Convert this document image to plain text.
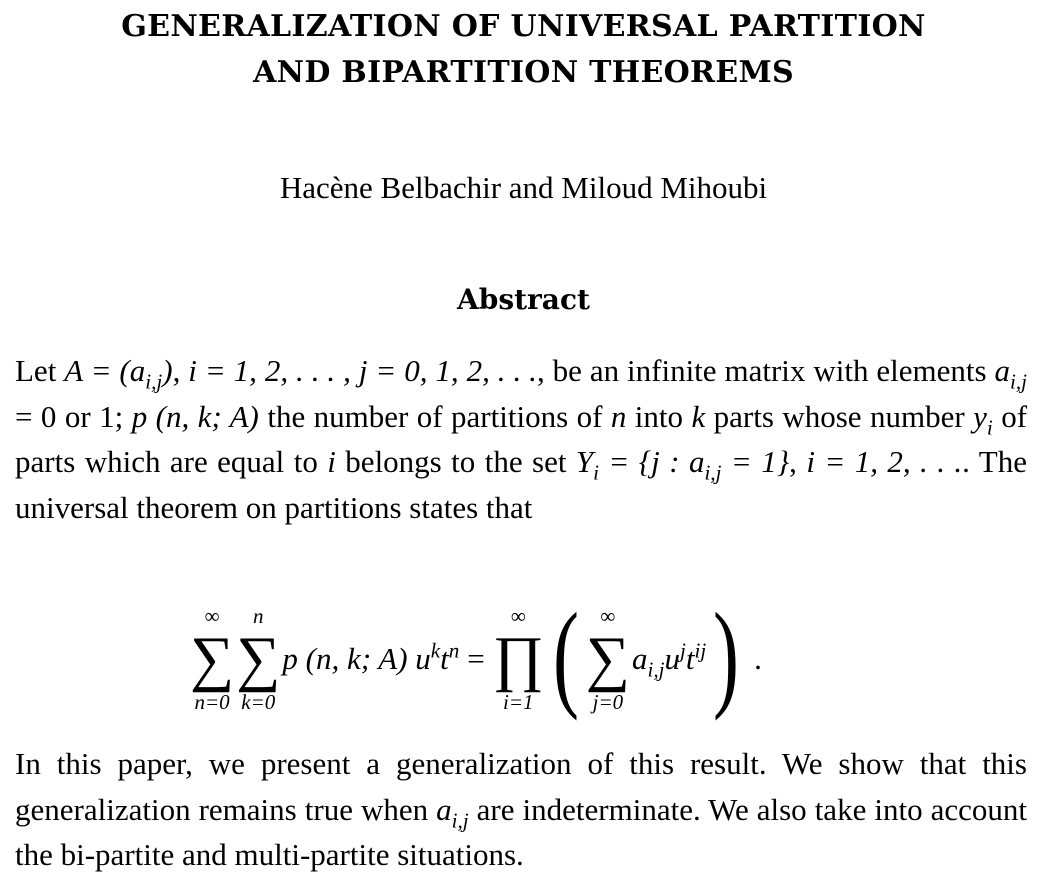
GENERALIZATION OF UNIVERSAL PARTITION
AND BIPARTITION THEOREMS
Hacène Belbachir and Miloud Mihoubi
Abstract
Let $A = (a_{i,j})$, i = 1, 2, . . . , j = 0, 1, 2, . . ., be an infinite matrix with elements $a_{i,j} = 0$ or 1; p (n, k; A) the number of partitions of n into k parts whose number $y_i$ of parts which are equal to i belongs to the set $Y_i = \{j$ : $a_{i,j} = 1$}, i = 1, 2, . . .. The universal theorem on partitions states that
∞
∑
n=0
n
∑
k=0
p (n, k; A) $u^kt^n$ =
∞
∏
i=1 ( ∞
∑
j=0
$a_{i,j}u^jt^{ij}$ ) .
In this paper, we present a generalization of this result. We show that this generalization remains true when $a_{i,j}$ are indeterminate. We also take into account the bi-partite and multi-partite situations.
